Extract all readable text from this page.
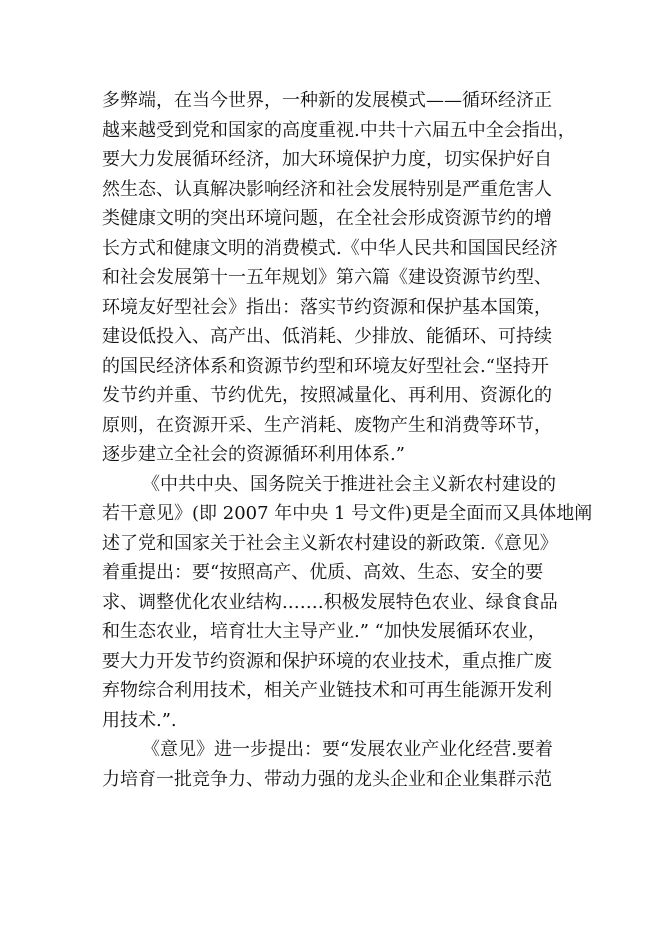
多弊端，在当今世界，一种新的发展模式——循环经济正
越来越受到党和国家的高度重视.中共十六届五中全会指出，
要大力发展循环经济，加大环境保护力度，切实保护好自
然生态、认真解决影响经济和社会发展特别是严重危害人
类健康文明的突出环境问题，在全社会形成资源节约的增
长方式和健康文明的消费模式.《中华人民共和国国民经济
和社会发展第十一五年规划》第六篇《建设资源节约型、
环境友好型社会》指出：落实节约资源和保护基本国策，
建设低投入、高产出、低消耗、少排放、能循环、可持续
的国民经济体系和资源节约型和环境友好型社会.“坚持开
发节约并重、节约优先，按照减量化、再利用、资源化的
原则，在资源开采、生产消耗、废物产生和消费等环节，
逐步建立全社会的资源循环利用体系.”
《中共中央、国务院关于推进社会主义新农村建设的
若干意见》(即 2007 年中央 1 号文件)更是全面而又具体地阐
述了党和国家关于社会主义新农村建设的新政策.《意见》
着重提出：要“按照高产、优质、高效、生态、安全的要
求、调整优化农业结构.……积极发展特色农业、绿食食品
和生态农业，培育壮大主导产业.” “加快发展循环农业，
要大力开发节约资源和保护环境的农业技术，重点推广废
弃物综合利用技术，相关产业链技术和可再生能源开发利
用技术.”.
《意见》进一步提出：要“发展农业产业化经营.要着
力培育一批竞争力、带动力强的龙头企业和企业集群示范
